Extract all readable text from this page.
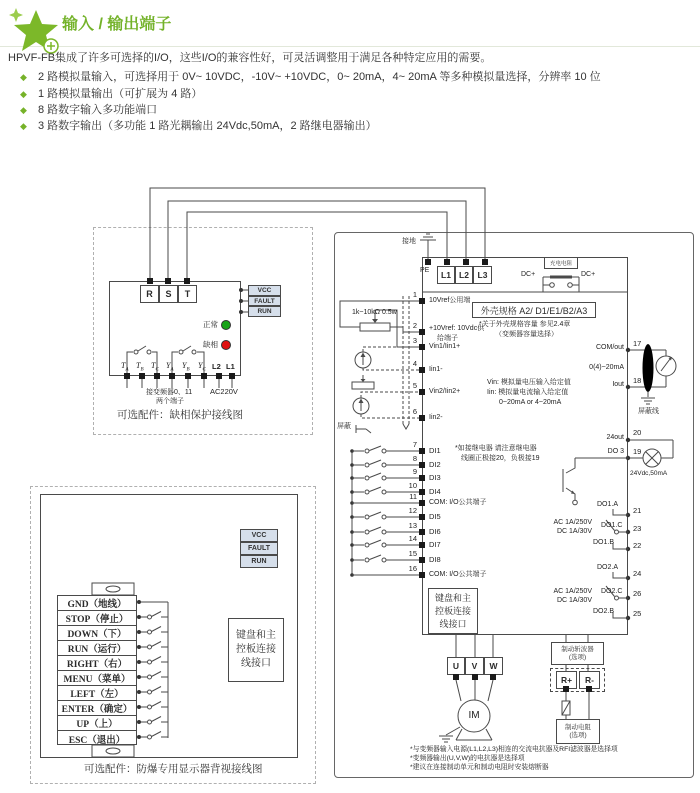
输入 / 输出端子
HPVF-FB集成了许多可选择的I/O，这些I/O的兼容性好，可灵活调整用于满足各种特定应用的需要。
◆ 2 路模拟量输入，可选择用于 0V~ 10VDC，-10V~ +10VDC，0~ 20mA，4~ 20mA 等多种模拟量选择，分辨率 10 位
◆ 1 路模拟量输出（可扩展为 4 路）
◆ 8 路数字输入多功能端口
◆ 3 路数字输出（多功能 1 路光耦输出 24Vdc,50mA，2 路继电器输出）
R S T	VCC
FAULT
RUN
正常
缺相
$T_A$
$T_B$
$T_C$
$Y_A$
$Y_B$
$Y_C$ L2 L1
接变频器0、11
两个端子
AC220V
可选配件：缺相保护接线图
VCC
FAULT
RUN
GND（地线）
STOP（停止）
DOWN（下）
RUN（运行）
RIGHT（右）
MENU（菜单）
LEFT（左）
ENTER（确定）
UP（上）
ESC（退出）
键盘和主
控板连接
线接口
可选配件：防爆专用显示器背视接线图
接地
PE L1 L2 L3
充电电阻
DC+	DC+
外壳规格 A2/ D1/E1/B2/A3
*关于外壳规格容量 参见2.4章
（变频器容量选择）
1k~10kΩ 0.5w
屏蔽
1
2
3
4
5
6
7
8
9
10
11
12
13
14
15
16
10Vref公用端
+10Vref: 10Vdc供
给端子
Vin1/Iin1+
Iin1-
Vin2/Iin2+
Iin2-
DI1
DI2
DI3
DI4
COM: I/O公共端子
DI5
DI6
DI7
DI8
COM: I/O公共端子
Vin: 模拟量电压输入给定值
Iin: 模拟量电流输入给定值
0~20mA or 4~20mA
*如接继电器 请注意继电器
线圈正极接20，负极接19
COM/out
0(4)~20mA
Iout
17
18
屏蔽线
24out
DO 3
20
19
24Vdc,50mA
DO1.A
DO1.C
DO1.B
21
23
22
AC 1A/250V
DC 1A/30V
DO2.A
DO2.C
DO2.B
24
26
25
AC 1A/250V
DC 1A/30V
键盘和主
控板连接
线接口
U V W
IM
制动斩波器
(选项)
R+ R-
制动电阻
(选项)
*与变频器输入电源(L1,L2,L3)相连的交流电抗器及RFI滤波器是选择项
*变频器输出(U,V,W)的电抗器是选择项
*建议在连接制动单元和制动电阻时安装熔断器
